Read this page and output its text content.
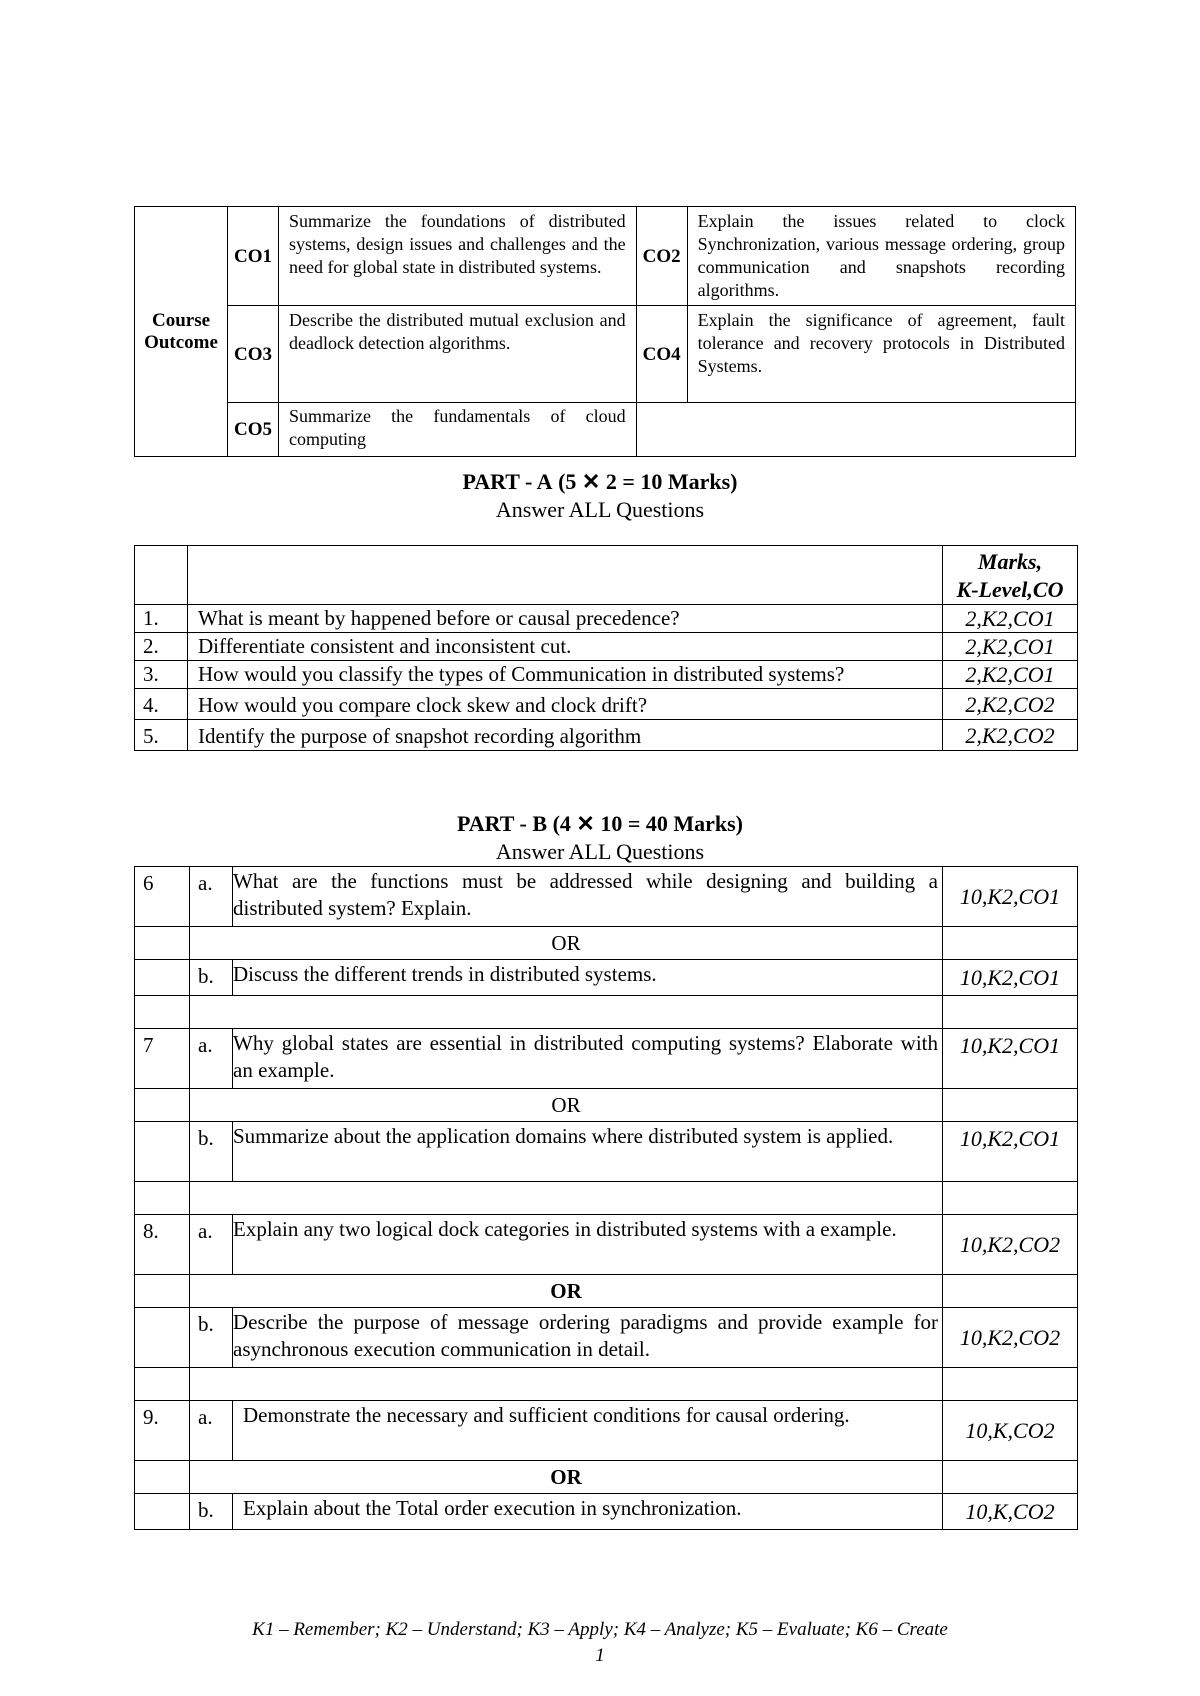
Course Outcome	CO1	Summarize the foundations of distributed systems, design issues and challenges and the need for global state in distributed systems.	CO2	Explain the issues related to clock Synchronization, various message ordering, group communication and snapshots recording algorithms.
	CO3	Describe the distributed mutual exclusion and deadlock detection algorithms.	CO4	Explain the significance of agreement, fault tolerance and recovery protocols in Distributed Systems.
	CO5	Summarize the fundamentals of cloud computing		
PART - A (5 ✕ 2 = 10 Marks)
Answer ALL Questions

		Marks,
K-Level,CO

1.	What is meant by happened before or causal precedence?	2,K2,CO1
2.	Differentiate consistent and inconsistent cut.	2,K2,CO1
3.	How would you classify the types of Communication in distributed systems?	2,K2,CO1
4.	How would you compare clock skew and clock drift?	2,K2,CO2
5.	Identify the purpose of snapshot recording algorithm	2,K2,CO2
PART - B (4 ✕ 10 = 40 Marks)
Answer ALL Questions
6	a.	What are the functions must be addressed while designing and building a distributed system? Explain.	10,K2,CO1
	OR		
	b.	Discuss the different trends in distributed systems.	10,K2,CO1

7	a.	Why global states are essential in distributed computing systems? Elaborate with an example.	10,K2,CO1
	OR		
	b.	Summarize about the application domains where distributed system is applied.	10,K2,CO1

8.	a.	Explain any two logical dock categories in distributed systems with a example.	10,K2,CO2
	OR		
	b.	Describe the purpose of message ordering paradigms and provide example for asynchronous execution communication in detail.	10,K2,CO2

9.	a.	Demonstrate the necessary and sufficient conditions for causal ordering.	10,K,CO2
	OR		
	b.	Explain about the Total order execution in synchronization.	10,K,CO2
K1 – Remember; K2 – Understand; K3 – Apply; K4 – Analyze; K5 – Evaluate; K6 – Create
1
